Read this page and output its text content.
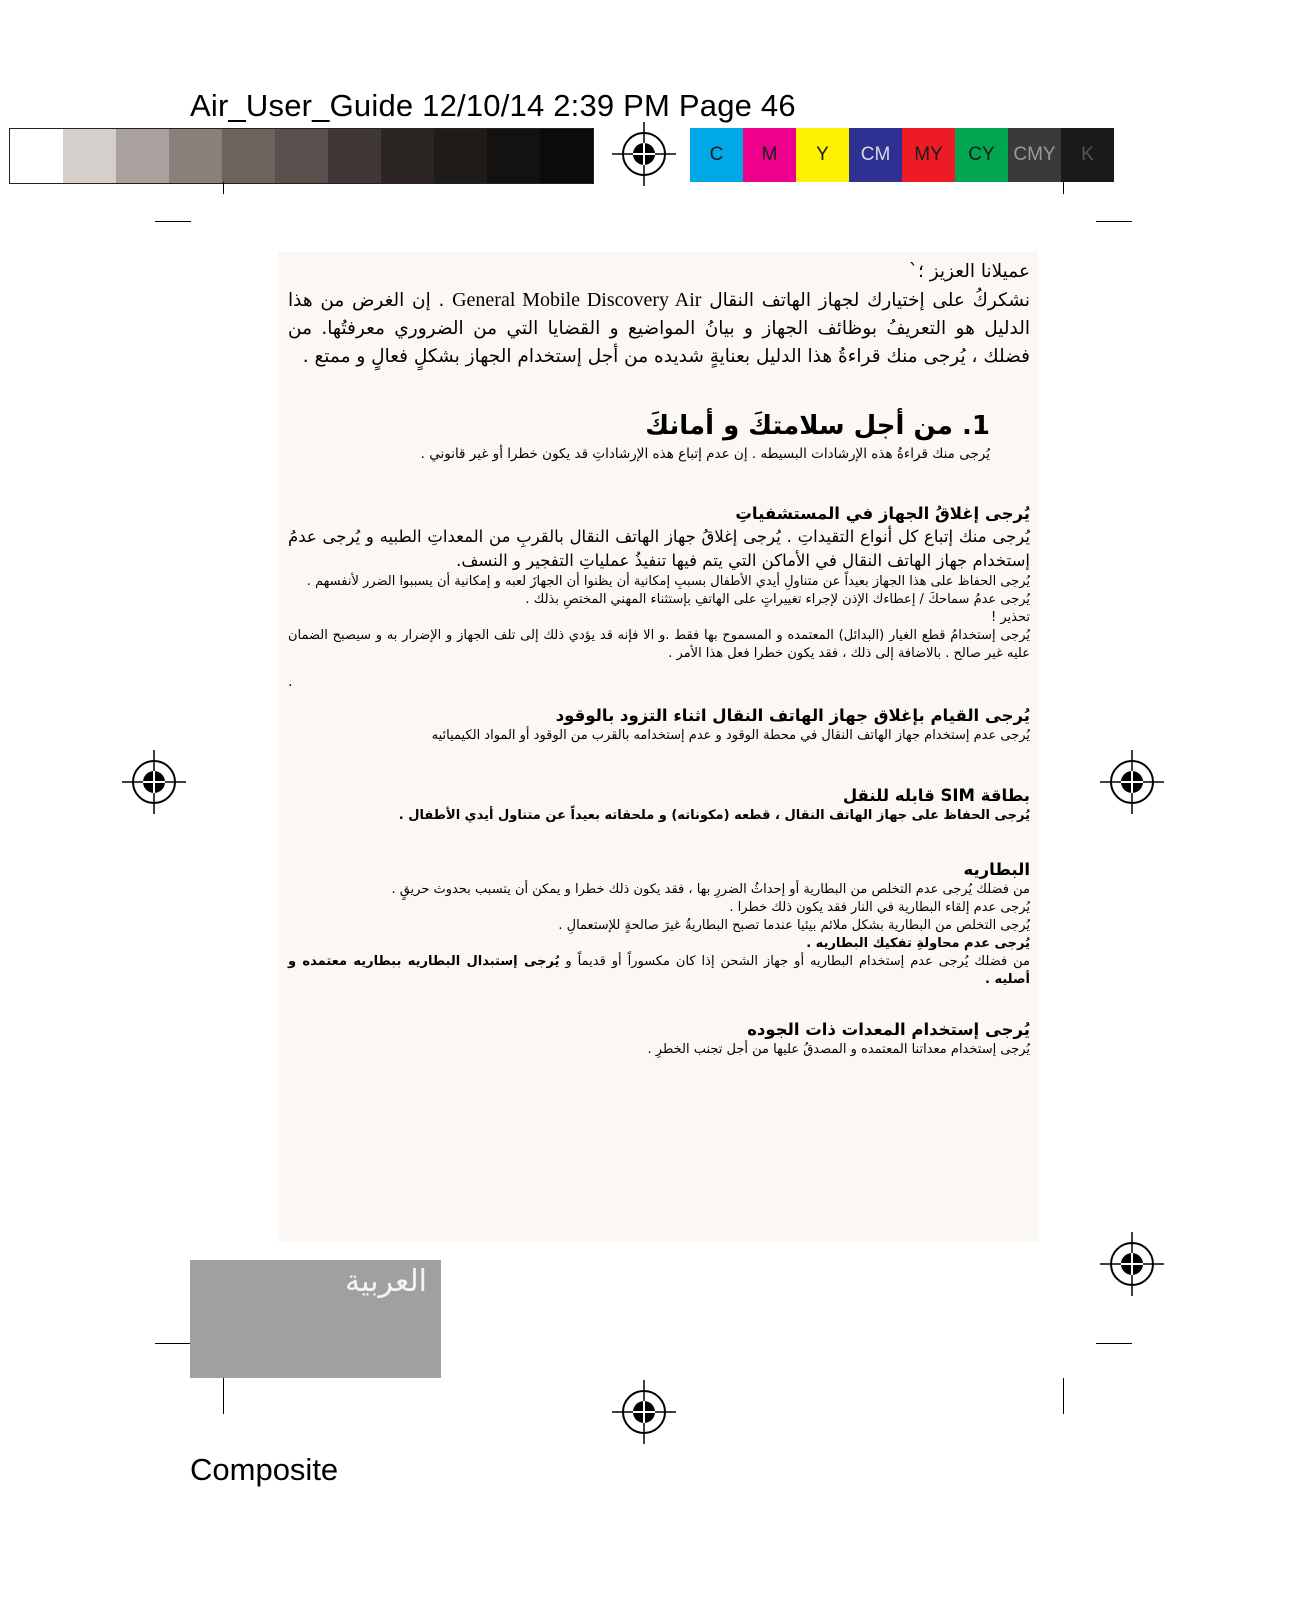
Air_User_Guide 12/10/14 2:39 PM Page 46
C	M	Y	CM	MY	CY CMY	K

عميلانا العزيز ؛`

نشكركُ على إختيارك لجهاز الهاتف النقال General Mobile Discovery Air . إن الغرض من هذا الدليل هو التعريفُ بوظائف الجهاز و بيانُ المواضيع و القضايا التي من الضروري معرفتُها. من فضلك ، يُرجى منك قراءةُ هذا الدليل بعنايةٍ شديده من أجل إستخدام الجهاز بشكلٍ فعالٍ و ممتع .

1. من أجل سلامتكَ و أمانكَ

يُرجى منك قراءةُ هذه الإرشادات البسيطه . إن عدم إتباع هذه الإرشاداتِ قد يكون خطرا أو غير قانوني .

يُرجى إغلاقُ الجهاز في المستشفياتِ

يُرجى منك إتباع كل أنواع التقيداتِ . يُرجى إغلاقُ جهاز الهاتف النقال بالقربِ من المعداتِ الطبيه و يُرجى عدمُ إستخدام جهاز الهاتف النقال في الأماكن التي يتم فيها تنفيذُ عملياتِ التفجير و النسف.

يُرجى الحفاظ على هذا الجهاز بعيداً عن متناولِ أيدي الأطفال بسببِ إمكانية أن يظنوا أن الجهازَ لعبه و إمكانية أن يسببوا الضرر لأنفسهم .

يُرجى عدمُ سماحكَ / إعطاءك الإذن لإجراء تغييراتٍ على الهاتفِ بإستثناء المهني المختصِ بذلك .

تحذير !

يُرجى إستخدامُ قطع الغيار (البدائل) المعتمده و المسموح بها فقط .و الا فإنه قد يؤدي ذلك إلى تلف الجهاز و الإضرار به و سيصبح الضمان عليه غير صالح . بالاضافة إلى ذلك ، فقد يكون خطرا فعل هذا الأمر .

.

يُرجى القيام بإغلاق جهاز الهاتف النقال اثناء التزود بالوقود

يُرجى عدم إستخدام جهاز الهاتف النقال في محطة الوقود و عدم إستخدامه بالقرب من الوقود أو المواد الكيميائيه

بطاقة SIM قابله للنقل

يُرجى الحفاظ على جهاز الهاتف النقال ، قطعه (مكوناته) و ملحقاته بعيداً عن متناول أيدي الأطفال .

البطاريه

من فضلك يُرجى عدم التخلص من البطارية أو إحداثُ الضررِ بها ، فقد يكون ذلك خطرا و يمكن أن يتسبب بحدوث حريقٍ .

يُرجى عدم إلقاء البطارية في النار فقد يكون ذلك خطرا .

يُرجى التخلص من البطارية بشكل ملائم بيئيا عندما تصبح البطاريةُ غيرَ صالحةٍ للإستعمالِ .

يُرجى عدم محاولةِ تفكيك البطاريه .

من فضلك يُرجى عدم إستخدام البطاريه أو جهاز الشحن إذا كان مكسوراً أو قديماً و يُرجى إستبدال البطاريه ببطاريه معتمده و أصليه .

يُرجى إستخدام المعدات ذات الجوده

يُرجى إستخدام معداتنا المعتمده و المصدقُ عليها من أجل تجنب الخطرِ .

العربية
Composite
